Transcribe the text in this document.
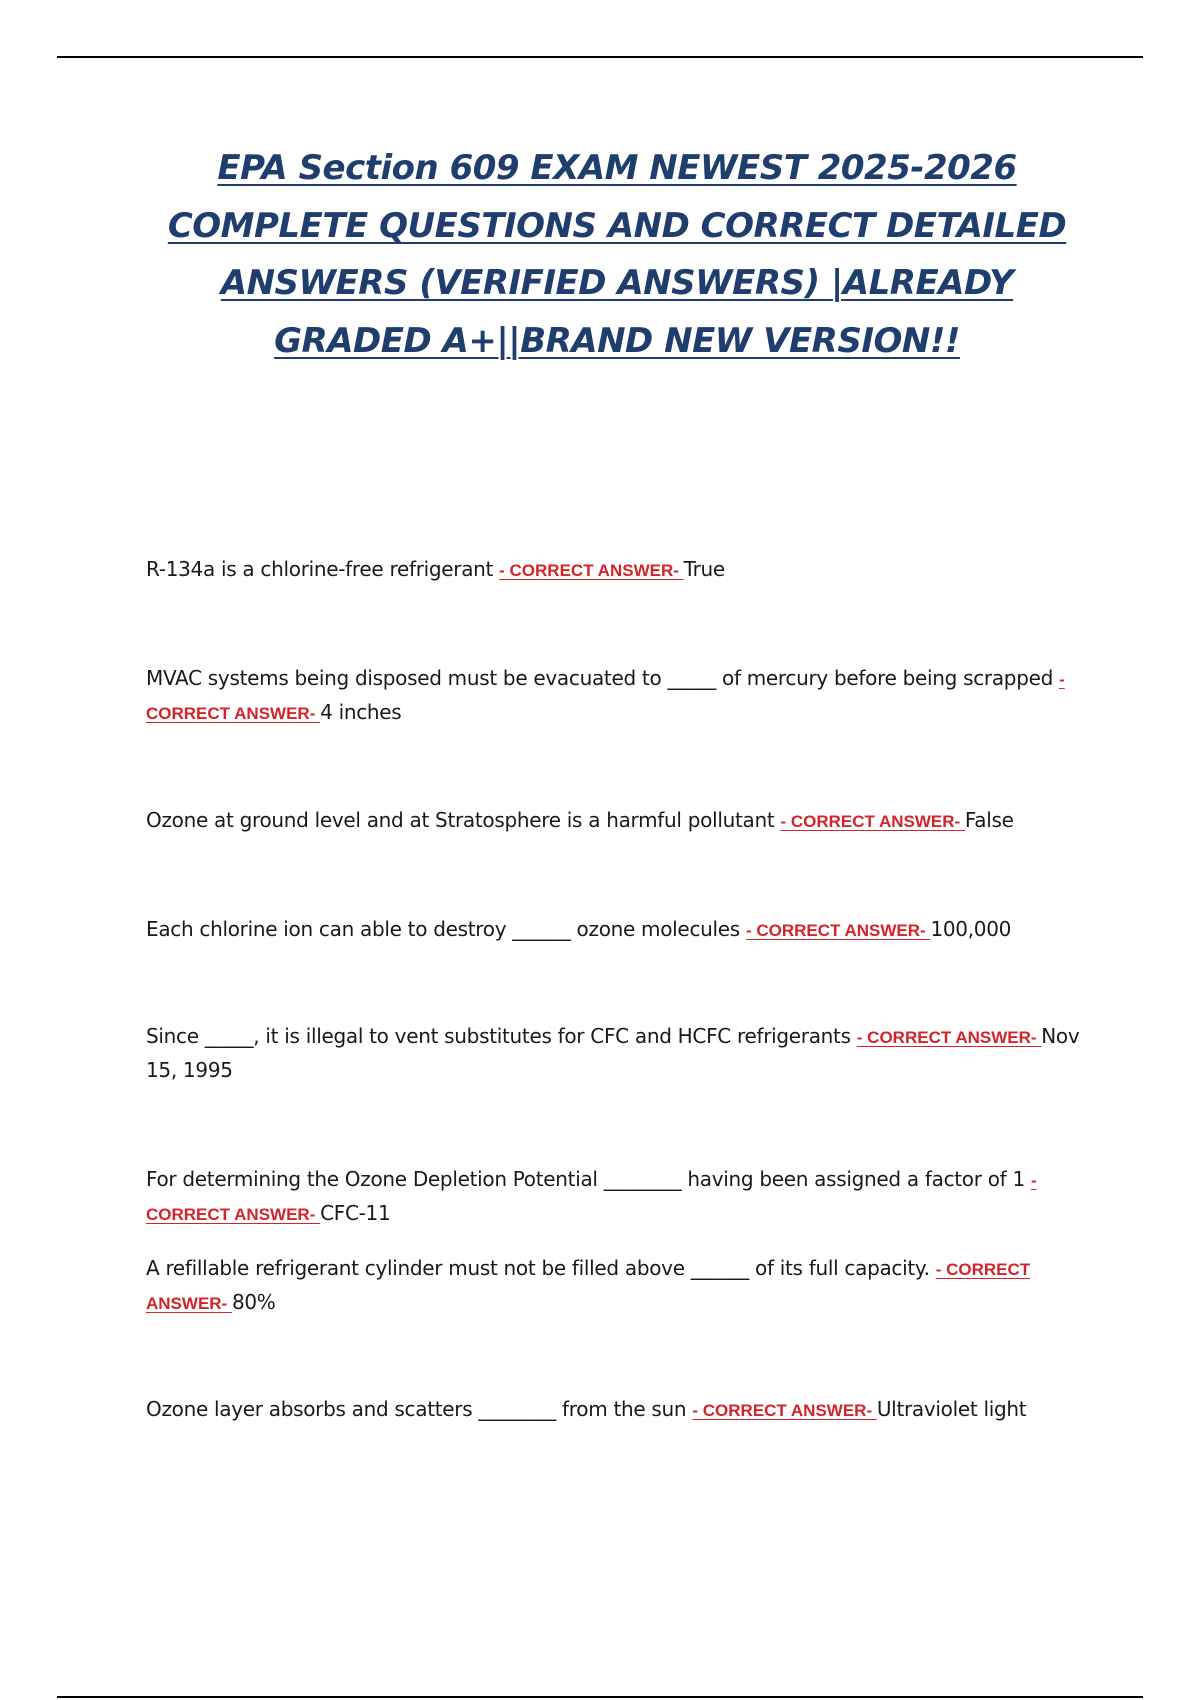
EPA Section 609 EXAM NEWEST 2025-2026 COMPLETE QUESTIONS AND CORRECT DETAILED ANSWERS (VERIFIED ANSWERS) |ALREADY GRADED A+||BRAND NEW VERSION!!

R-134a is a chlorine-free refrigerant - CORRECT ANSWER- True

MVAC systems being disposed must be evacuated to _____ of mercury before being scrapped - CORRECT ANSWER- 4 inches

Ozone at ground level and at Stratosphere is a harmful pollutant - CORRECT ANSWER- False

Each chlorine ion can able to destroy ______ ozone molecules - CORRECT ANSWER- 100,000

Since _____, it is illegal to vent substitutes for CFC and HCFC refrigerants - CORRECT ANSWER- Nov 15, 1995

For determining the Ozone Depletion Potential ________ having been assigned a factor of 1 - CORRECT ANSWER- CFC-11

A refillable refrigerant cylinder must not be filled above ______ of its full capacity. - CORRECT ANSWER- 80%

Ozone layer absorbs and scatters ________ from the sun - CORRECT ANSWER- Ultraviolet light
